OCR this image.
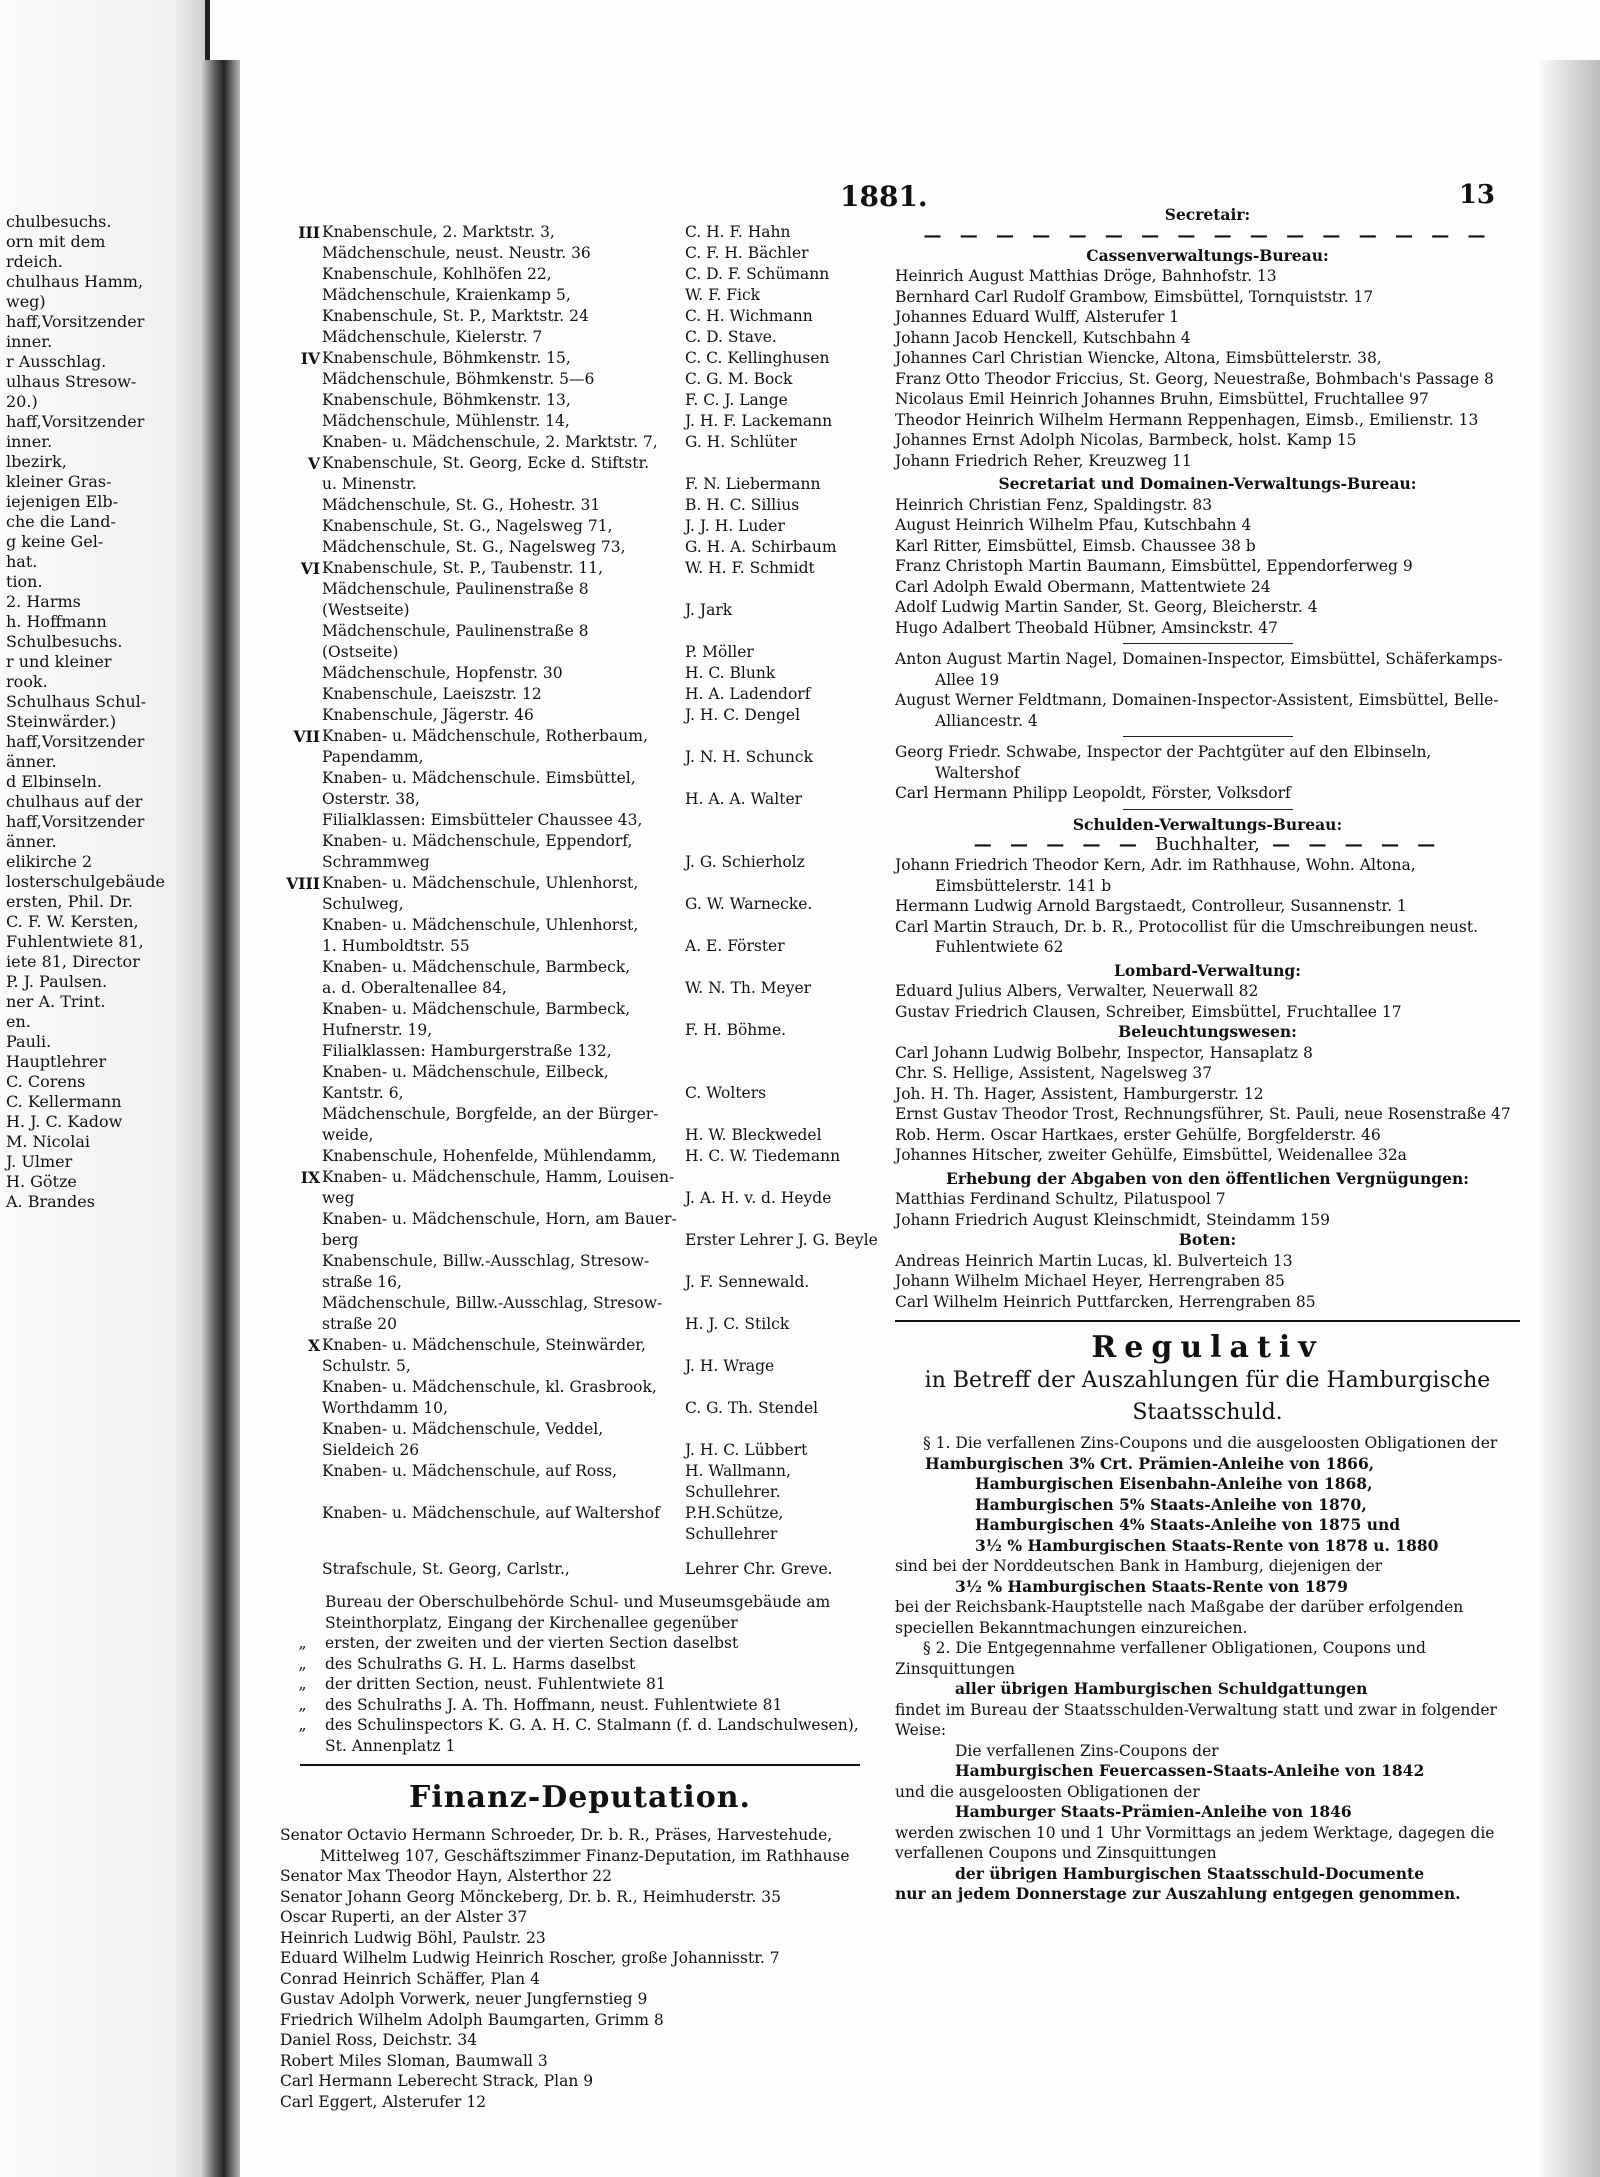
chulbesuchs.
orn mit dem
rdeich.
chulhaus Hamm,
weg)
haff,Vorsitzender
inner.
r Ausschlag.
ulhaus Stresow-
20.)
haff,Vorsitzender
inner.
lbezirk,
kleiner Gras-
iejenigen Elb-
che die Land-
g keine Gel-
hat.
tion.
2. Harms
h. Hoffmann
Schulbesuchs.
r und kleiner
rook.
Schulhaus Schul-
Steinwärder.)
haff,Vorsitzender
änner.
d Elbinseln.
chulhaus auf der
haff,Vorsitzender
änner.
elikirche 2
losterschulgebäude
ersten, Phil. Dr.
C. F. W. Kersten,
Fuhlentwiete 81,
iete 81, Director
P. J. Paulsen.
ner A. Trint.
en.
Pauli.
Hauptlehrer
C. Corens
C. Kellermann
H. J. C. Kadow
M. Nicolai
J. Ulmer
H. Götze
A. Brandes
1881.	13
III Knabenschule, 2. Marktstr. 3,	C. H. F. Hahn
Mädchenschule, neust. Neustr. 36	C. F. H. Bächler
Knabenschule, Kohlhöfen 22,	C. D. F. Schümann
Mädchenschule, Kraienkamp 5,	W. F. Fick
Knabenschule, St. P., Marktstr. 24	C. H. Wichmann
Mädchenschule, Kielerstr. 7	C. D. Stave.
IV Knabenschule, Böhmkenstr. 15,	C. C. Kellinghusen
Mädchenschule, Böhmkenstr. 5—6	C. G. M. Bock
Knabenschule, Böhmkenstr. 13,	F. C. J. Lange
Mädchenschule, Mühlenstr. 14,	J. H. F. Lackemann
Knaben- u. Mädchenschule, 2. Marktstr. 7,	G. H. Schlüter
V Knabenschule, St. Georg, Ecke d. Stiftstr.
u. Minenstr.	F. N. Liebermann
Mädchenschule, St. G., Hohestr. 31	B. H. C. Sillius
Knabenschule, St. G., Nagelsweg 71,	J. J. H. Luder
Mädchenschule, St. G., Nagelsweg 73,	G. H. A. Schirbaum
VI Knabenschule, St. P., Taubenstr. 11,	W. H. F. Schmidt
Mädchenschule, Paulinenstraße 8
(Westseite)	J. Jark
Mädchenschule, Paulinenstraße 8
(Ostseite)	P. Möller
Mädchenschule, Hopfenstr. 30	H. C. Blunk
Knabenschule, Laeiszstr. 12	H. A. Ladendorf
Knabenschule, Jägerstr. 46	J. H. C. Dengel
VII Knaben- u. Mädchenschule, Rotherbaum,
Papendamm,	J. N. H. Schunck
Knaben- u. Mädchenschule. Eimsbüttel,
Osterstr. 38,	H. A. A. Walter
Filialklassen: Eimsbütteler Chaussee 43,
Knaben- u. Mädchenschule, Eppendorf,
Schrammweg	J. G. Schierholz
VIII Knaben- u. Mädchenschule, Uhlenhorst,
Schulweg,	G. W. Warnecke.
Knaben- u. Mädchenschule, Uhlenhorst,
1. Humboldtstr. 55	A. E. Förster
Knaben- u. Mädchenschule, Barmbeck,
a. d. Oberaltenallee 84,	W. N. Th. Meyer
Knaben- u. Mädchenschule, Barmbeck,
Hufnerstr. 19,	F. H. Böhme.
Filialklassen: Hamburgerstraße 132,
Knaben- u. Mädchenschule, Eilbeck,
Kantstr. 6,	C. Wolters
Mädchenschule, Borgfelde, an der Bürger-
weide,	H. W. Bleckwedel
Knabenschule, Hohenfelde, Mühlendamm,	H. C. W. Tiedemann
IX Knaben- u. Mädchenschule, Hamm, Louisen-
weg	J. A. H. v. d. Heyde
Knaben- u. Mädchenschule, Horn, am Bauer-
berg	Erster Lehrer J. G. Beyle
Knabenschule, Billw.-Ausschlag, Stresow-
straße 16,	J. F. Sennewald.
Mädchenschule, Billw.-Ausschlag, Stresow-
straße 20	H. J. C. Stilck
X Knaben- u. Mädchenschule, Steinwärder,
Schulstr. 5,	J. H. Wrage
Knaben- u. Mädchenschule, kl. Grasbrook,
Worthdamm 10,	C. G. Th. Stendel
Knaben- u. Mädchenschule, Veddel,
Sieldeich 26	J. H. C. Lübbert
Knaben- u. Mädchenschule, auf Ross,	H. Wallmann, Schullehrer.
Knaben- u. Mädchenschule, auf Waltershof	P.H.Schütze, Schullehrer
Strafschule, St. Georg, Carlstr.,	Lehrer Chr. Greve.
Bureau der Oberschulbehörde Schul- und Museumsgebäude am Steinthorplatz, Eingang der Kirchenallee gegenüber
„	ersten, der zweiten und der vierten Section daselbst
„	des Schulraths G. H. L. Harms daselbst
„	der dritten Section, neust. Fuhlentwiete 81
„	des Schulraths J. A. Th. Hoffmann, neust. Fuhlentwiete 81
„	des Schulinspectors K. G. A. H. C. Stalmann (f. d. Landschulwesen), St. Annenplatz 1
Finanz-Deputation.
Senator Octavio Hermann Schroeder, Dr. b. R., Präses, Harvestehude, Mittelweg 107, Geschäftszimmer Finanz-Deputation, im Rathhause
Senator Max Theodor Hayn, Alsterthor 22
Senator Johann Georg Mönckeberg, Dr. b. R., Heimhuderstr. 35
Oscar Ruperti, an der Alster 37
Heinrich Ludwig Böhl, Paulstr. 23
Eduard Wilhelm Ludwig Heinrich Roscher, große Johannisstr. 7
Conrad Heinrich Schäffer, Plan 4
Gustav Adolph Vorwerk, neuer Jungfernstieg 9
Friedrich Wilhelm Adolph Baumgarten, Grimm 8
Daniel Ross, Deichstr. 34
Robert Miles Sloman, Baumwall 3
Carl Hermann Leberecht Strack, Plan 9
Carl Eggert, Alsterufer 12
Secretair:
— — — — — — — — — — — — — — — —
Cassenverwaltungs-Bureau:
Heinrich August Matthias Dröge, Bahnhofstr. 13
Bernhard Carl Rudolf Grambow, Eimsbüttel, Tornquiststr. 17
Johannes Eduard Wulff, Alsterufer 1
Johann Jacob Henckell, Kutschbahn 4
Johannes Carl Christian Wiencke, Altona, Eimsbüttelerstr. 38,
Franz Otto Theodor Friccius, St. Georg, Neuestraße, Bohmbach's Passage 8
Nicolaus Emil Heinrich Johannes Bruhn, Eimsbüttel, Fruchtallee 97
Theodor Heinrich Wilhelm Hermann Reppenhagen, Eimsb., Emilienstr. 13
Johannes Ernst Adolph Nicolas, Barmbeck, holst. Kamp 15
Johann Friedrich Reher, Kreuzweg 11
Secretariat und Domainen-Verwaltungs-Bureau:
Heinrich Christian Fenz, Spaldingstr. 83
August Heinrich Wilhelm Pfau, Kutschbahn 4
Karl Ritter, Eimsbüttel, Eimsb. Chaussee 38 b
Franz Christoph Martin Baumann, Eimsbüttel, Eppendorferweg 9
Carl Adolph Ewald Obermann, Mattentwiete 24
Adolf Ludwig Martin Sander, St. Georg, Bleicherstr. 4
Hugo Adalbert Theobald Hübner, Amsinckstr. 47
Anton August Martin Nagel, Domainen-Inspector, Eimsbüttel, Schäferkamps-Allee 19
August Werner Feldtmann, Domainen-Inspector-Assistent, Eimsbüttel, Belle-Alliancestr. 4
Georg Friedr. Schwabe, Inspector der Pachtgüter auf den Elbinseln, Waltershof
Carl Hermann Philipp Leopoldt, Förster, Volksdorf
Schulden-Verwaltungs-Bureau:
— — — — — Buchhalter, — — — — —
Johann Friedrich Theodor Kern, Adr. im Rathhause, Wohn. Altona, Eimsbüttelerstr. 141 b
Hermann Ludwig Arnold Bargstaedt, Controlleur, Susannenstr. 1
Carl Martin Strauch, Dr. b. R., Protocollist für die Umschreibungen neust. Fuhlentwiete 62
Lombard-Verwaltung:
Eduard Julius Albers, Verwalter, Neuerwall 82
Gustav Friedrich Clausen, Schreiber, Eimsbüttel, Fruchtallee 17
Beleuchtungswesen:
Carl Johann Ludwig Bolbehr, Inspector, Hansaplatz 8
Chr. S. Hellige, Assistent, Nagelsweg 37
Joh. H. Th. Hager, Assistent, Hamburgerstr. 12
Ernst Gustav Theodor Trost, Rechnungsführer, St. Pauli, neue Rosenstraße 47
Rob. Herm. Oscar Hartkaes, erster Gehülfe, Borgfelderstr. 46
Johannes Hitscher, zweiter Gehülfe, Eimsbüttel, Weidenallee 32a
Erhebung der Abgaben von den öffentlichen Vergnügungen:
Matthias Ferdinand Schultz, Pilatuspool 7
Johann Friedrich August Kleinschmidt, Steindamm 159
Boten:
Andreas Heinrich Martin Lucas, kl. Bulverteich 13
Johann Wilhelm Michael Heyer, Herrengraben 85
Carl Wilhelm Heinrich Puttfarcken, Herrengraben 85
Regulativ
in Betreff der Auszahlungen für die Hamburgische
Staatsschuld.
§ 1. Die verfallenen Zins-Coupons und die ausgeloosten Obligationen der
Hamburgischen 3% Crt. Prämien-Anleihe von 1866,
Hamburgischen Eisenbahn-Anleihe von 1868,
Hamburgischen 5% Staats-Anleihe von 1870,
Hamburgischen 4% Staats-Anleihe von 1875 und
3½ % Hamburgischen Staats-Rente von 1878 u. 1880
sind bei der Norddeutschen Bank in Hamburg, diejenigen der
3½ % Hamburgischen Staats-Rente von 1879
bei der Reichsbank-Hauptstelle nach Maßgabe der darüber erfolgenden speciellen Bekanntmachungen einzureichen.
§ 2. Die Entgegennahme verfallener Obligationen, Coupons und Zinsquittungen
aller übrigen Hamburgischen Schuldgattungen
findet im Bureau der Staatsschulden-Verwaltung statt und zwar in folgender Weise:
Die verfallenen Zins-Coupons der
Hamburgischen Feuercassen-Staats-Anleihe von 1842
und die ausgeloosten Obligationen der
Hamburger Staats-Prämien-Anleihe von 1846
werden zwischen 10 und 1 Uhr Vormittags an jedem Werktage, dagegen die verfallenen Coupons und Zinsquittungen
der übrigen Hamburgischen Staatsschuld-Documente
nur an jedem Donnerstage zur Auszahlung entgegen genommen.
